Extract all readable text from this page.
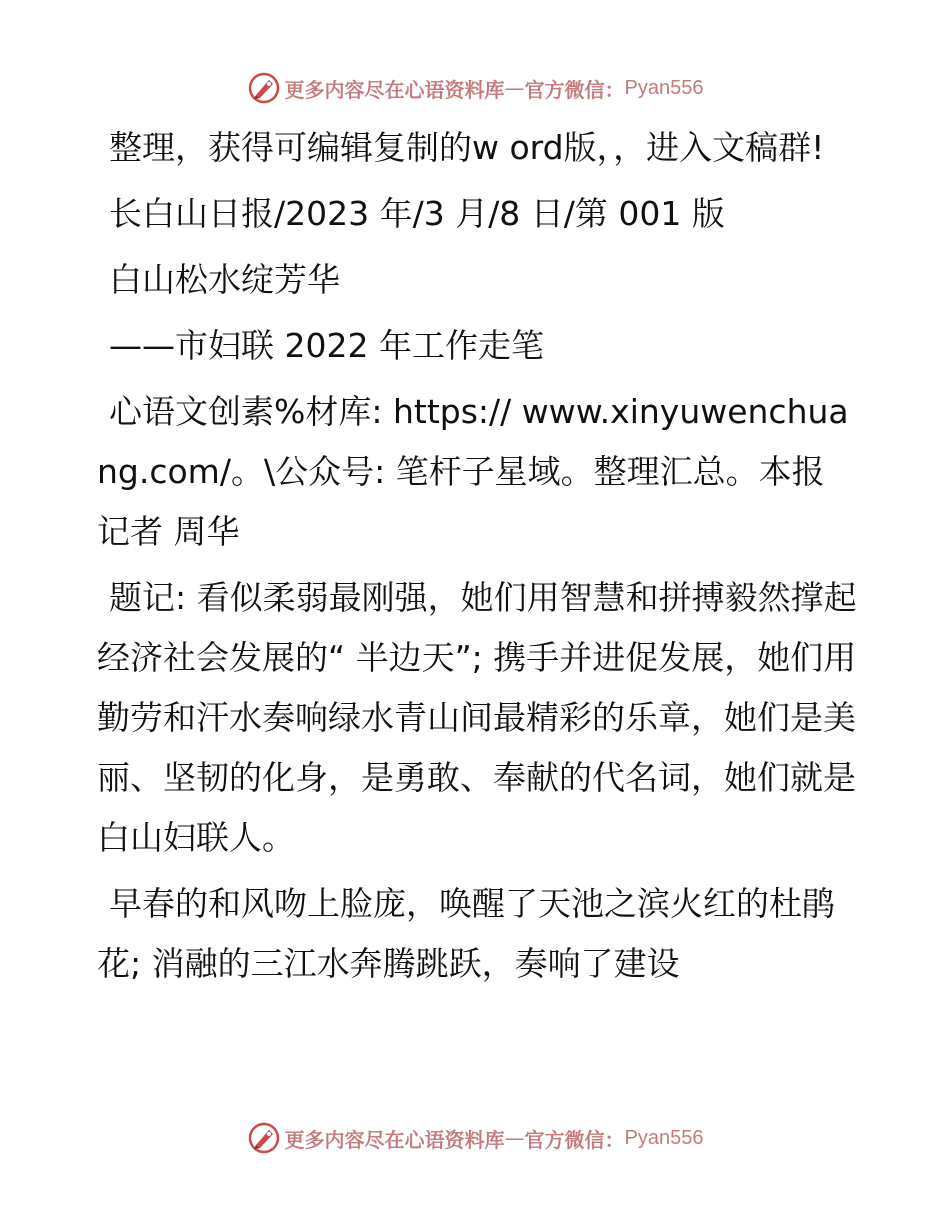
更多内容尽在心语资料库 — 官方微信： Pyan556

整理，获得可编辑复制的w ord版，，进入文稿群!

长白山日报/2023 年/3 月/8 日/第 001 版

白山松水绽芳华

——市妇联 2022 年工作走笔

心语文创素%材库: https:// www.xinyuwenchuang.com/。\公众号: 笔杆子星域。整理汇总。本报记者 周华

题记: 看似柔弱最刚强，她们用智慧和拼搏毅然撑起经济社会发展的“ 半边天”; 携手并进促发展，她们用勤劳和汗水奏响绿水青山间最精彩的乐章，她们是美丽、坚韧的化身，是勇敢、奉献的代名词，她们就是白山妇联人。

早春的和风吻上脸庞，唤醒了天池之滨火红的杜鹃花; 消融的三江水奔腾跳跃，奏响了建设

更多内容尽在心语资料库 — 官方微信： Pyan556
